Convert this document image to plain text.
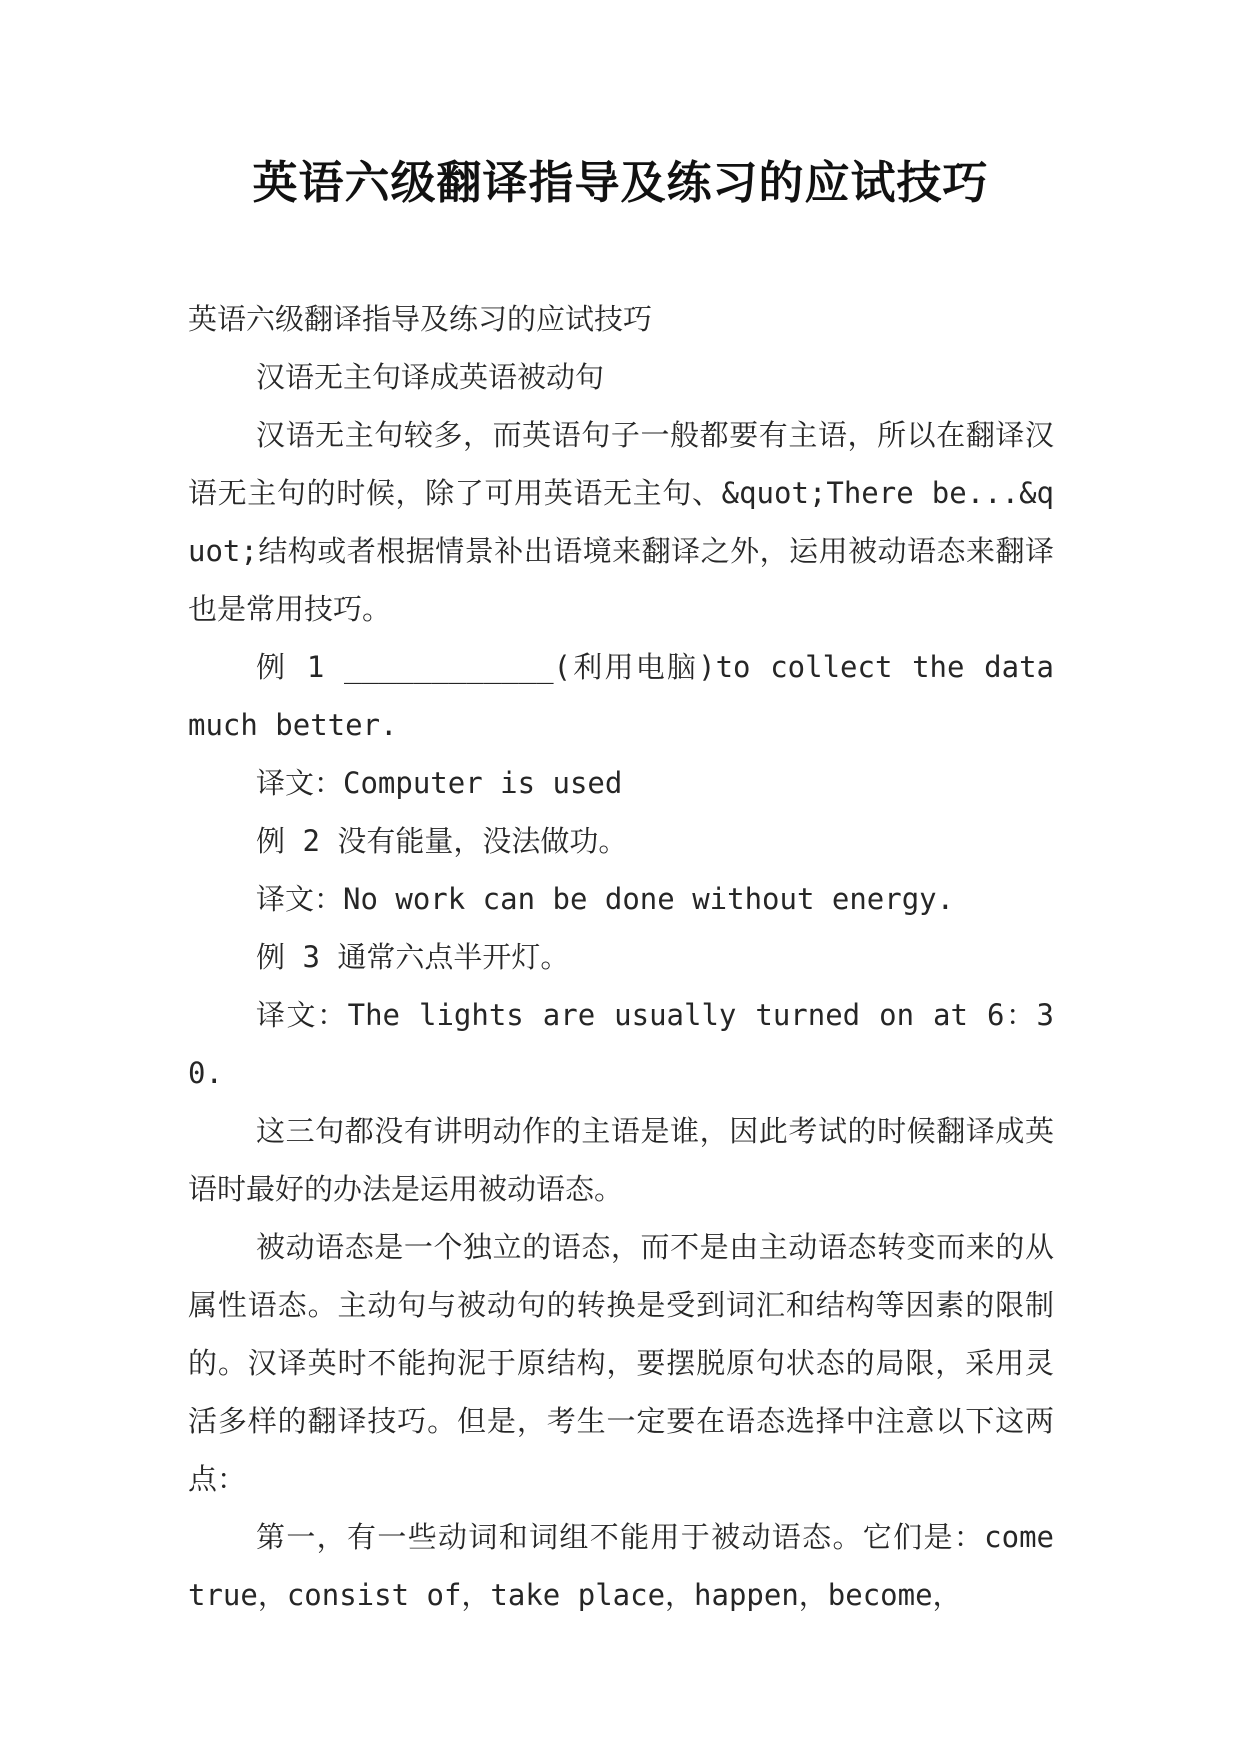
英语六级翻译指导及练习的应试技巧

英语六级翻译指导及练习的应试技巧

汉语无主句译成英语被动句

汉语无主句较多，而英语句子一般都要有主语，所以在翻译汉语无主句的时候，除了可用英语无主句、&quot;There be...&quot;结构或者根据情景补出语境来翻译之外，运用被动语态来翻译也是常用技巧。

例 1 ____________(利用电脑)to collect the data much better.

译文：Computer is used

例 2 没有能量，没法做功。

译文：No work can be done without energy.

例 3 通常六点半开灯。

译文：The lights are usually turned on at 6：30.

这三句都没有讲明动作的主语是谁，因此考试的时候翻译成英语时最好的办法是运用被动语态。

被动语态是一个独立的语态，而不是由主动语态转变而来的从属性语态。主动句与被动句的转换是受到词汇和结构等因素的限制的。汉译英时不能拘泥于原结构，要摆脱原句状态的局限，采用灵活多样的翻译技巧。但是，考生一定要在语态选择中注意以下这两点：

第一，有一些动词和词组不能用于被动语态。它们是：come true，consist of，take place，happen，become，
